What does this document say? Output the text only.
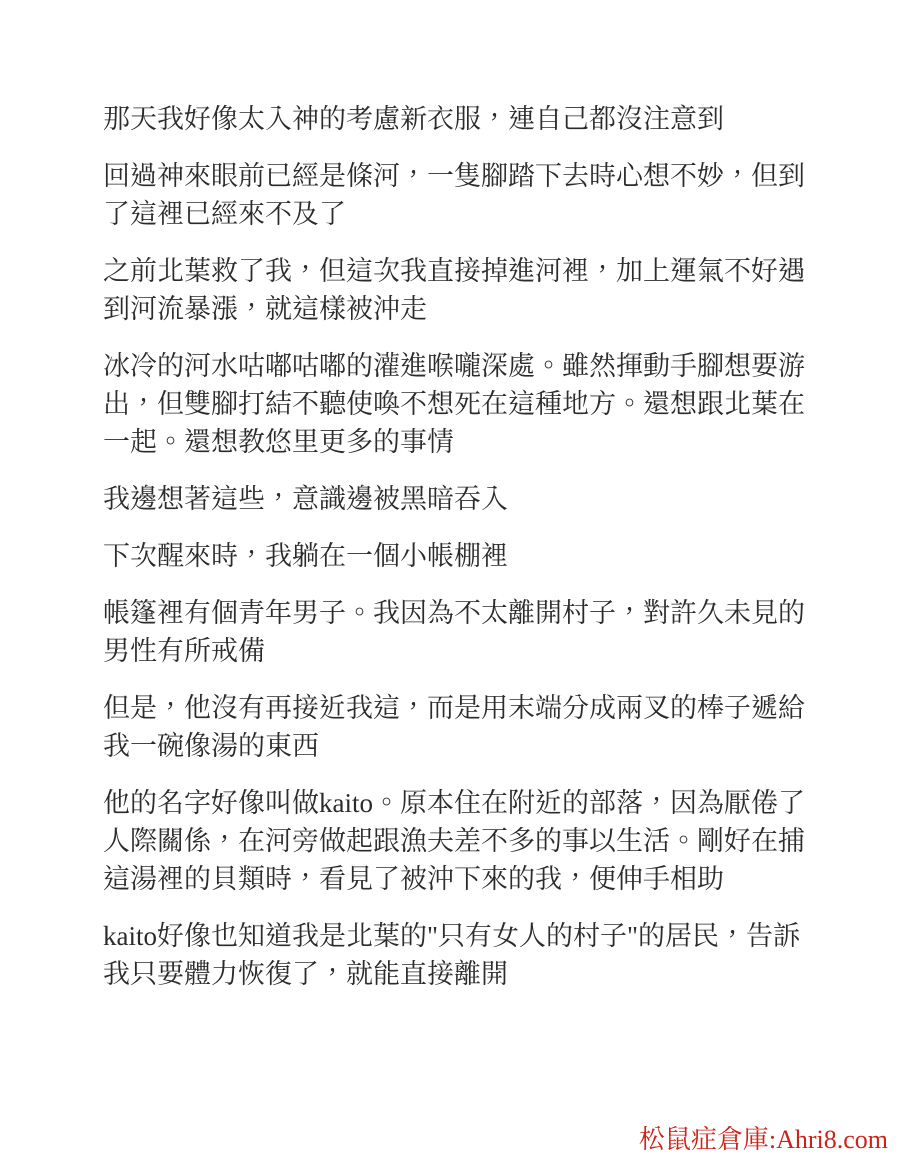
那天我好像太入神的考慮新衣服，連自己都沒注意到

回過神來眼前已經是條河，一隻腳踏下去時心想不妙，但到了這裡已經來不及了

之前北葉救了我，但這次我直接掉進河裡，加上運氣不好遇到河流暴漲，就這樣被沖走

冰冷的河水咕嘟咕嘟的灌進喉嚨深處。雖然揮動手腳想要游出，但雙腳打結不聽使喚不想死在這種地方。還想跟北葉在一起。還想教悠里更多的事情

我邊想著這些，意識邊被黑暗吞入

下次醒來時，我躺在一個小帳棚裡

帳篷裡有個青年男子。我因為不太離開村子，對許久未見的男性有所戒備

但是，他沒有再接近我這，而是用末端分成兩叉的棒子遞給我一碗像湯的東西

他的名字好像叫做kaito。原本住在附近的部落，因為厭倦了人際關係，在河旁做起跟漁夫差不多的事以生活。剛好在捕這湯裡的貝類時，看見了被沖下來的我，便伸手相助

kaito好像也知道我是北葉的"只有女人的村子"的居民，告訴我只要體力恢復了，就能直接離開

松鼠症倉庫:Ahri8.com
